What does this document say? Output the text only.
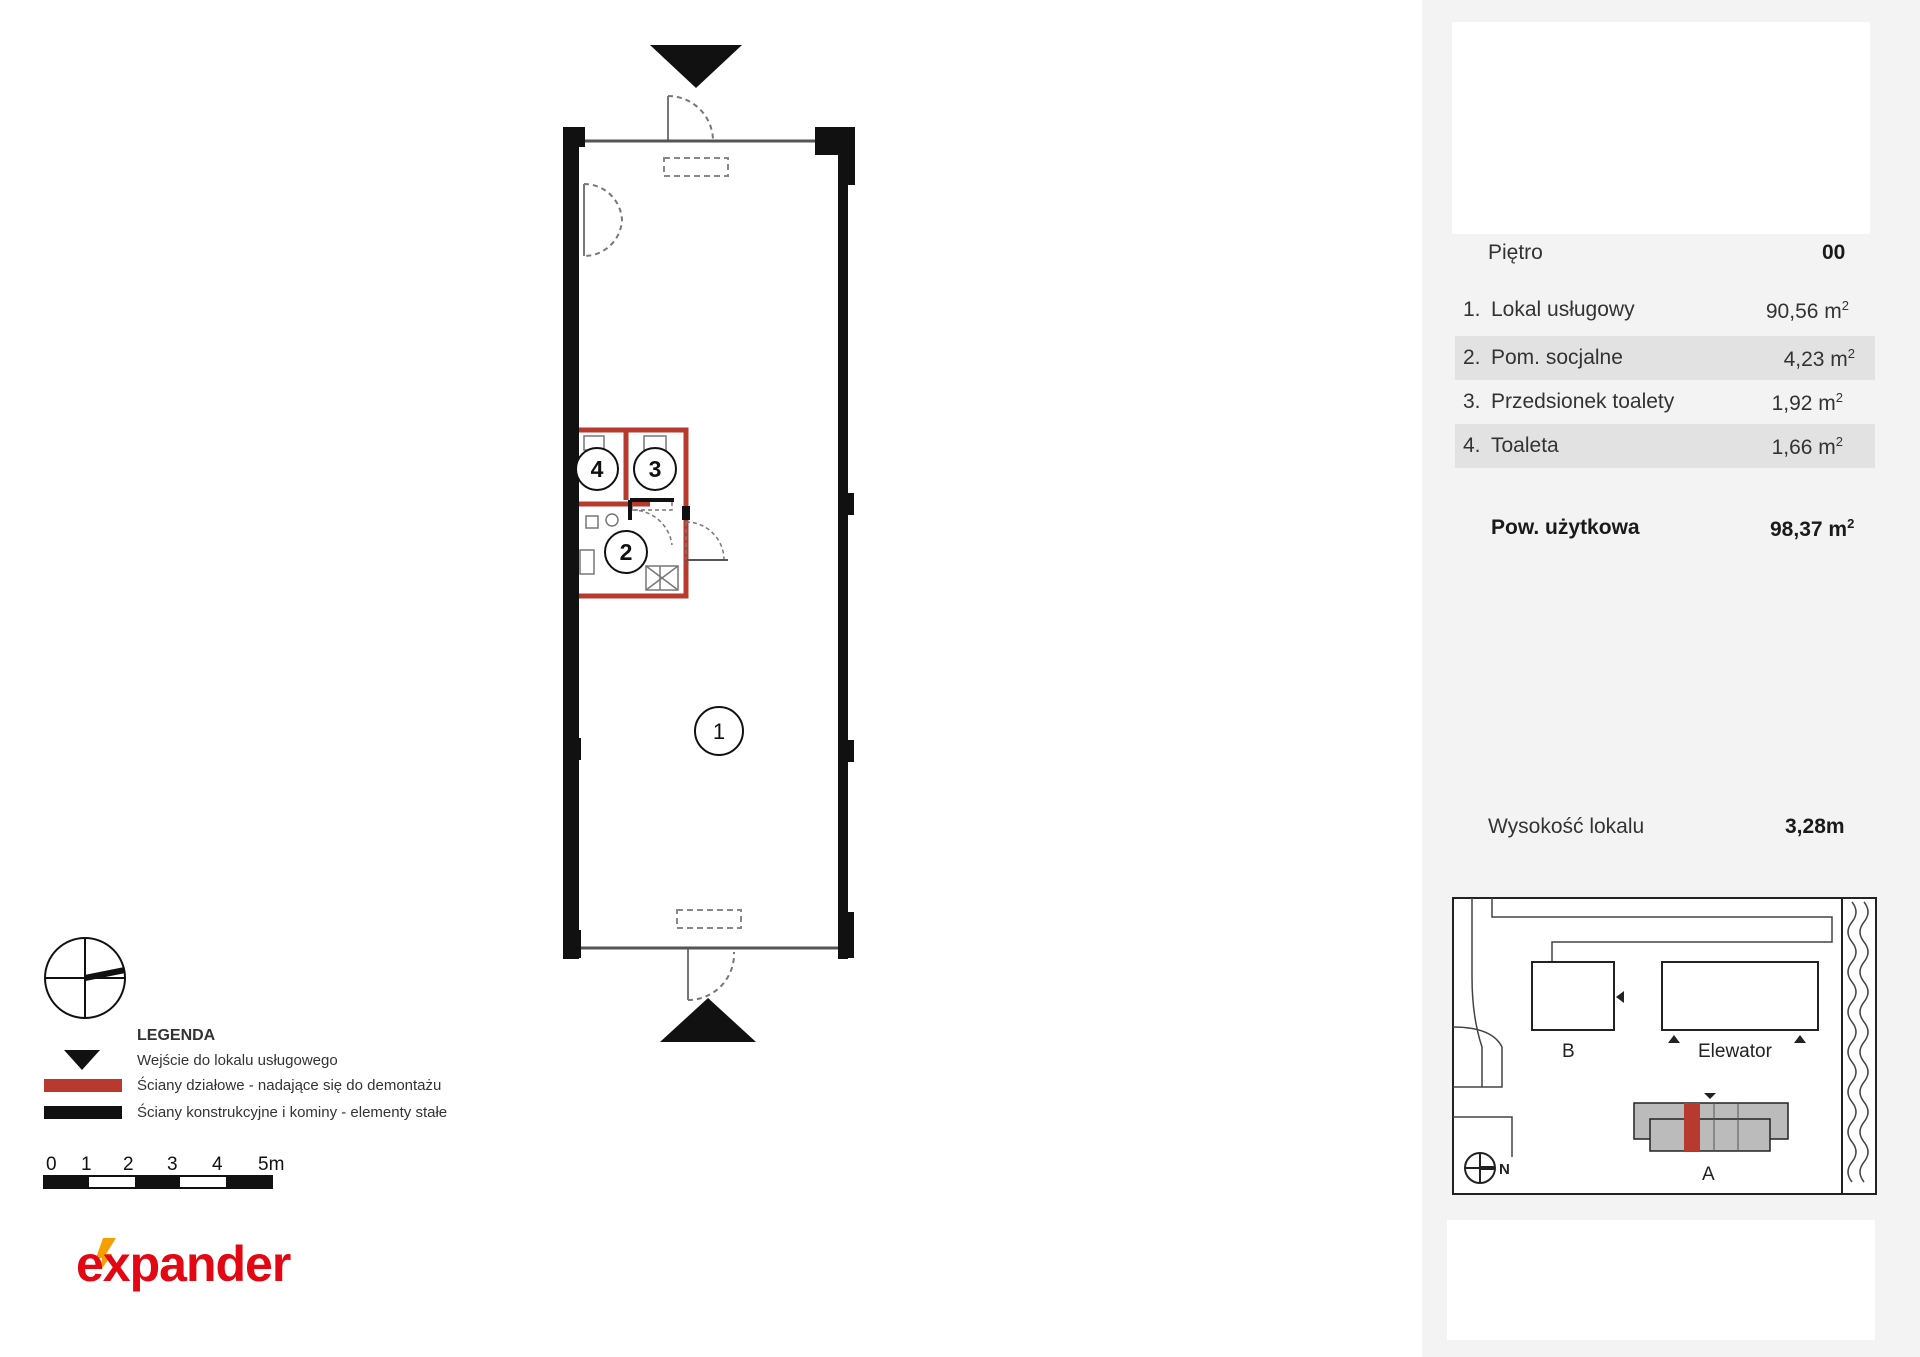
4 3
2
1
LEGENDA
Wejście do lokalu usługowego
Ściany działowe - nadające się do demontażu
Ściany konstrukcyjne i kominy - elementy stałe
0 1 2 3 4 5m
expander
Piętro	00
1. Lokal usługowy	90,56 $m^2$
2. Pom. socjalne	4,23 $m^2$
3. Przedsionek toalety	1,92 $m^2$
4. Toaleta	1,66 $m^2$
Pow. użytkowa	98,37 $m^2$
Wysokość lokalu	3,28m
B	Elewator
A
N
